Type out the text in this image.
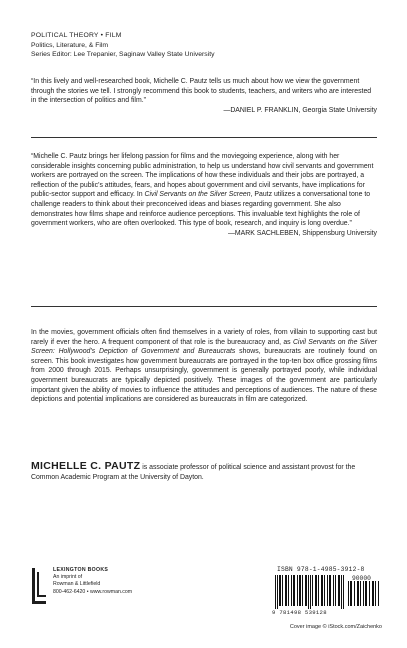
POLITICAL THEORY • FILM
Politics, Literature, & Film
Series Editor: Lee Trepanier, Saginaw Valley State University
“In this lively and well-researched book, Michelle C. Pautz tells us much about how we view the government through the stories we tell. I strongly recommend this book to students, teachers, and writers who are interested in the intersection of politics and film.”
—DANIEL P. FRANKLIN, Georgia State University
“Michelle C. Pautz brings her lifelong passion for films and the moviegoing experience, along with her considerable insights concerning public administration, to help us understand how civil servants and government workers are portrayed on the screen. The implications of how these individuals and their jobs are portrayed, a reflection of the public’s attitudes, fears, and hopes about government and civil servants, have implications for public-sector support and efficacy. In Civil Servants on the Silver Screen, Pautz utilizes a conversational tone to challenge readers to think about their preconceived ideas and biases regarding government. She also demonstrates how films shape and reinforce audience perceptions. This invaluable text highlights the role of government workers, who are often overlooked. This type of book, research, and inquiry is long overdue.”
—MARK SACHLEBEN, Shippensburg University
In the movies, government officials often find themselves in a variety of roles, from villain to supporting cast but rarely if ever the hero. A frequent component of that role is the bureaucracy and, as Civil Servants on the Silver Screen: Hollywood’s Depiction of Government and Bureaucrats shows, bureaucrats are routinely found on screen. This book investigates how government bureaucrats are portrayed in the top-ten box office grossing films from 2000 through 2015. Perhaps unsurprisingly, government is generally portrayed poorly, while individual government bureaucrats are typically depicted positively. These images of the government are particularly important given the ability of movies to influence the attitudes and perceptions of audiences. The nature of these depictions and potential implications are considered as bureaucrats in film are categorized.
MICHELLE C. PAUTZ is associate professor of political science and assistant provost for the Common Academic Program at the University of Dayton.
LEXINGTON BOOKS
An imprint of
Rowman & Littlefield
800-462-6420 • www.rowman.com
ISBN 978-1-4985-3912-8
90000
9 781498 539128
Cover image © iStock.com/Zaichenko
